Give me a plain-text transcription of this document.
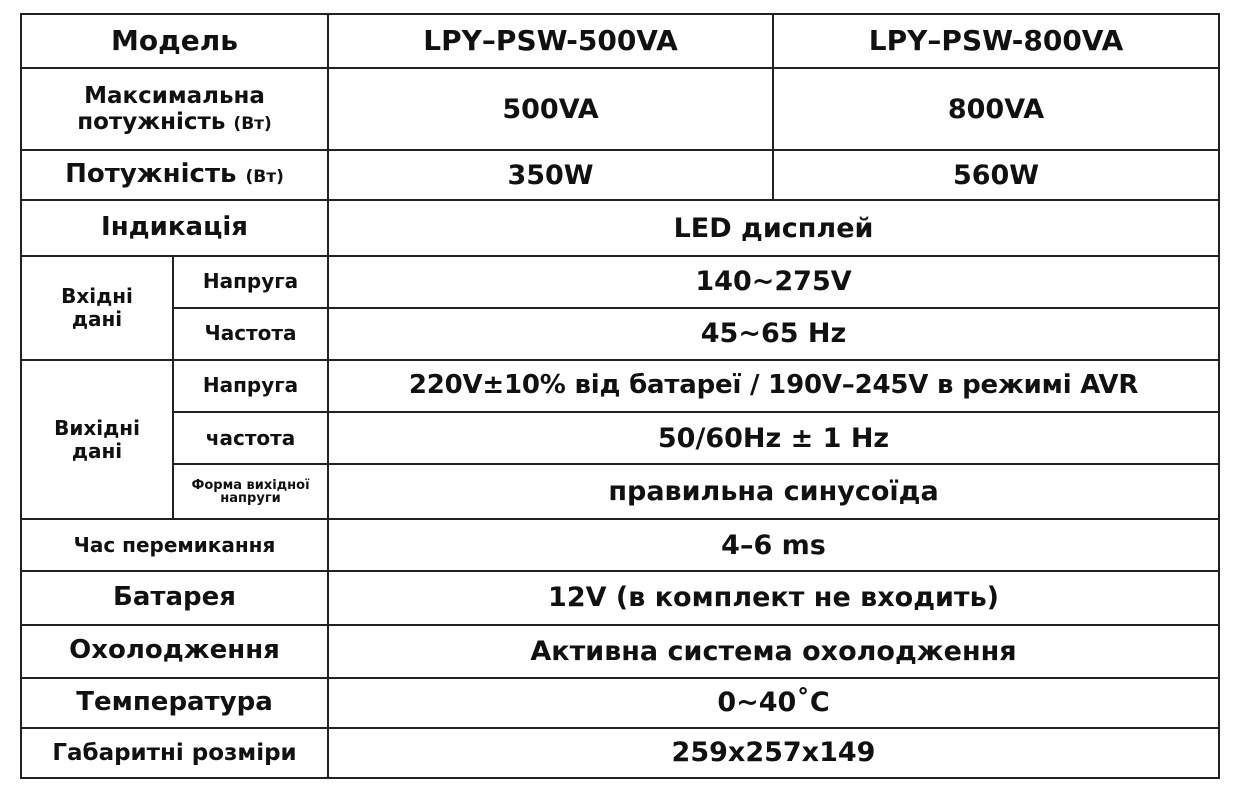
Модель		LPY–PSW-500VA	LPY–PSW-800VA

Максимальна
потужність (Вт)		500VA	800VA
Потужність (Вт)		350W	560W
Індикація		LED дисплей	

Вхідні
дані	Напруга	140~275V	
	Частота	45~65 Hz	

Вихідні
дані	Напруга	220V±10% від батареї / 190V–245V в режимі AVR	
	частота	50/60Hz ± 1 Hz	

	Форма вихідної
напруги	правильна синусоїда	
Час перемикання		4–6 ms	
Батарея		12V (в комплект не входить)	
Охолодження		Активна система охолодження	
Температура		0~40˚C	
Габаритні розміри		259x257x149	
